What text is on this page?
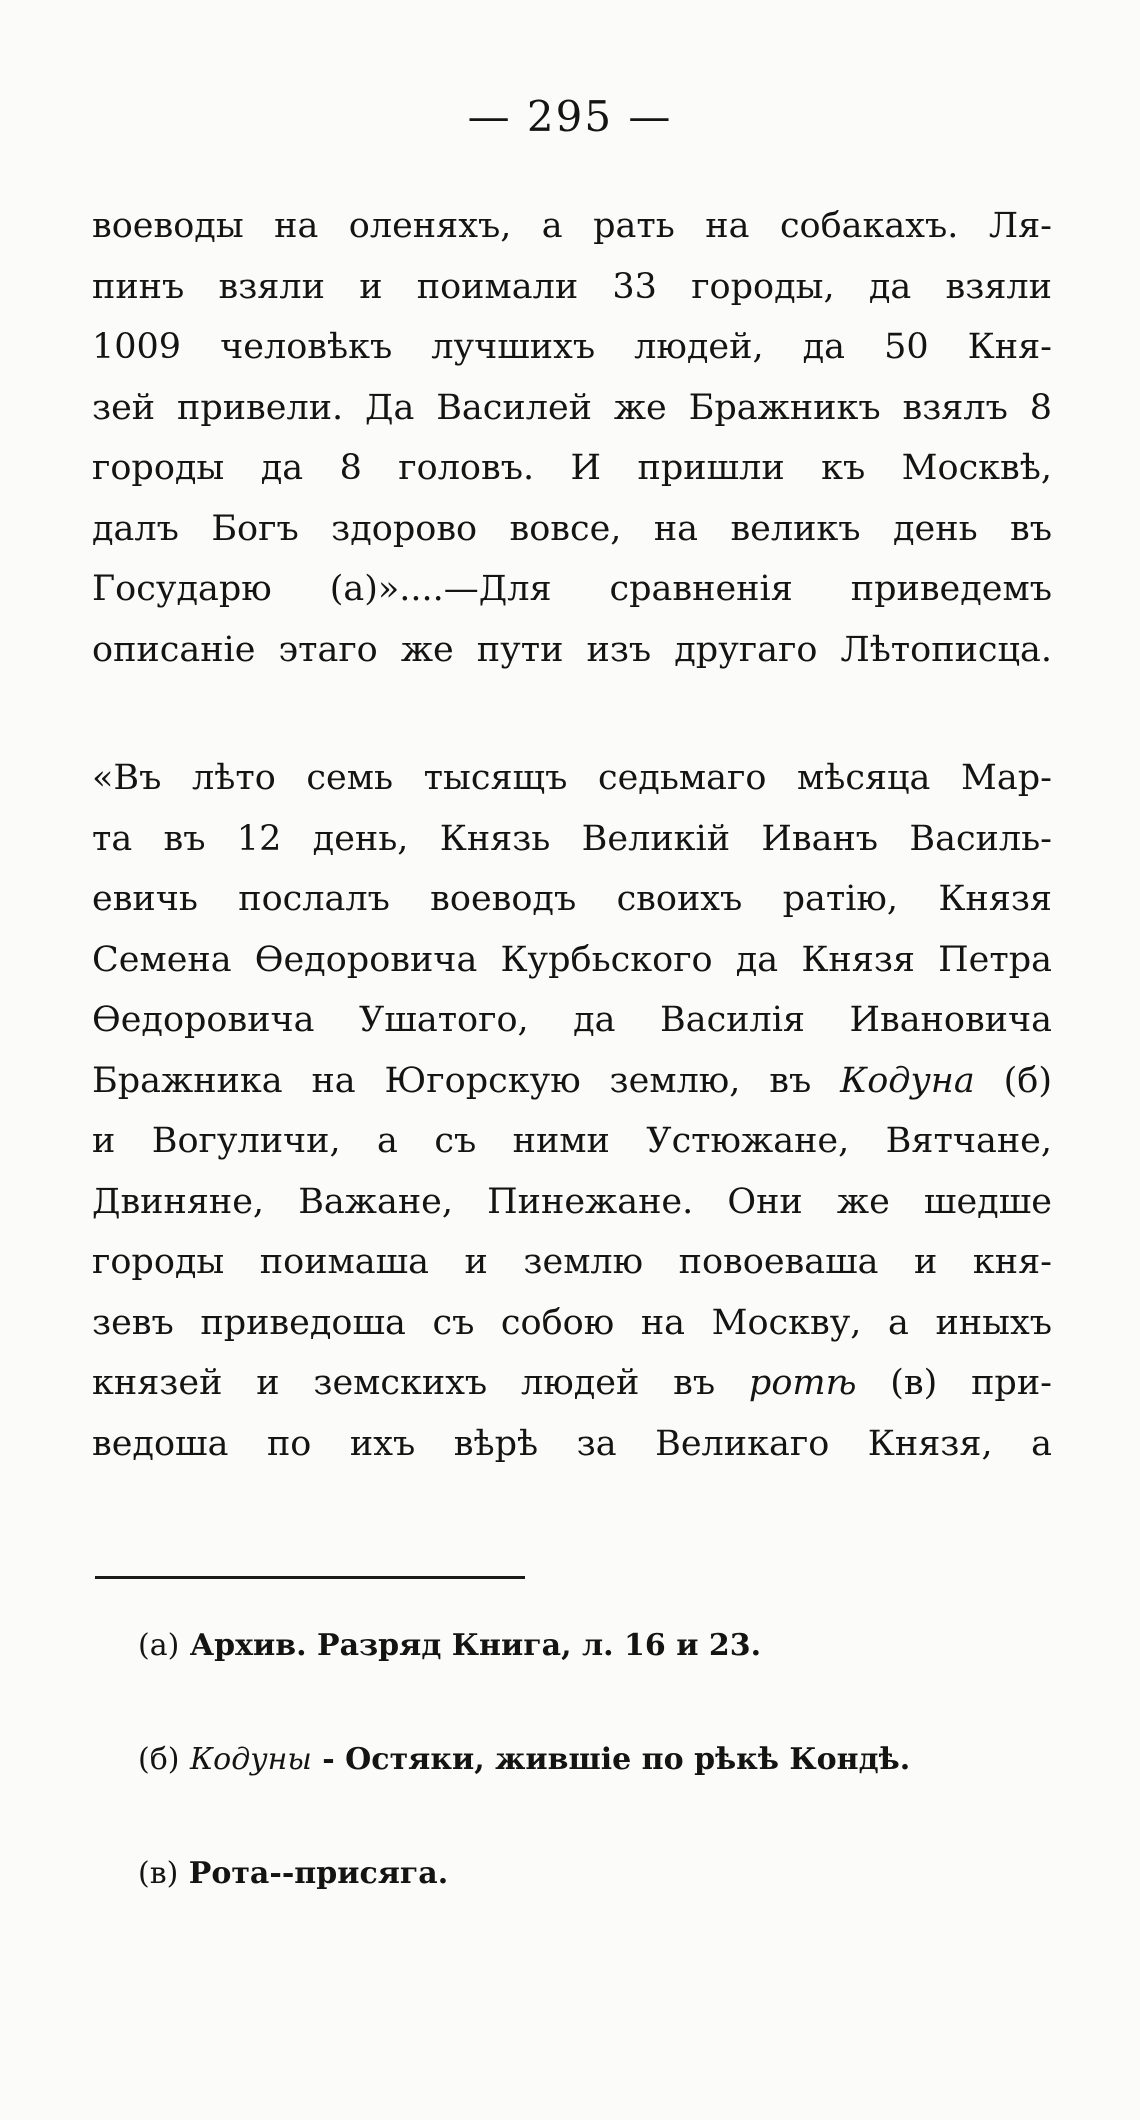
— 295 —
воеводы на оленяхъ, а рать на собакахъ. Ля-
пинъ взяли и поимали 33 городы, да взяли
1009 человѣкъ лучшихъ людей, да 50 Кня-
зей привели. Да Василей же Бражникъ взялъ 8
городы да 8 головъ. И пришли къ Москвѣ,
далъ Богъ здорово вовсе, на великъ день въ
Государю (а)»....—Для сравненія приведемъ
описаніе этаго же пути изъ другаго Лѣтописца.
«Въ лѣто семь тысящъ седьмаго мѣсяца Мар-
та въ 12 день, Князь Великій Иванъ Василь-
евичь послалъ воеводъ своихъ ратію, Князя
Семена Ѳедоровича Курбьского да Князя Петра
Ѳедоровича Ушатого, да Василія Ивановича
Бражника на Югорскую землю, въ Кодуна (б)
и Вогуличи, а съ ними Устюжане, Вятчане,
Двиняне, Важане, Пинежане. Они же шедше
городы поимаша и землю повоеваша и кня-
зевъ приведоша съ собою на Москву, а иныхъ
князей и земскихъ людей въ ротѣ (в) при-
ведоша по ихъ вѣрѣ за Великаго Князя, а
(а) Архив. Разряд Книга, л. 16 и 23.
(б) Кодуны - Остяки, жившіе по рѣкѣ Кондѣ.
(в) Рота--присяга.
